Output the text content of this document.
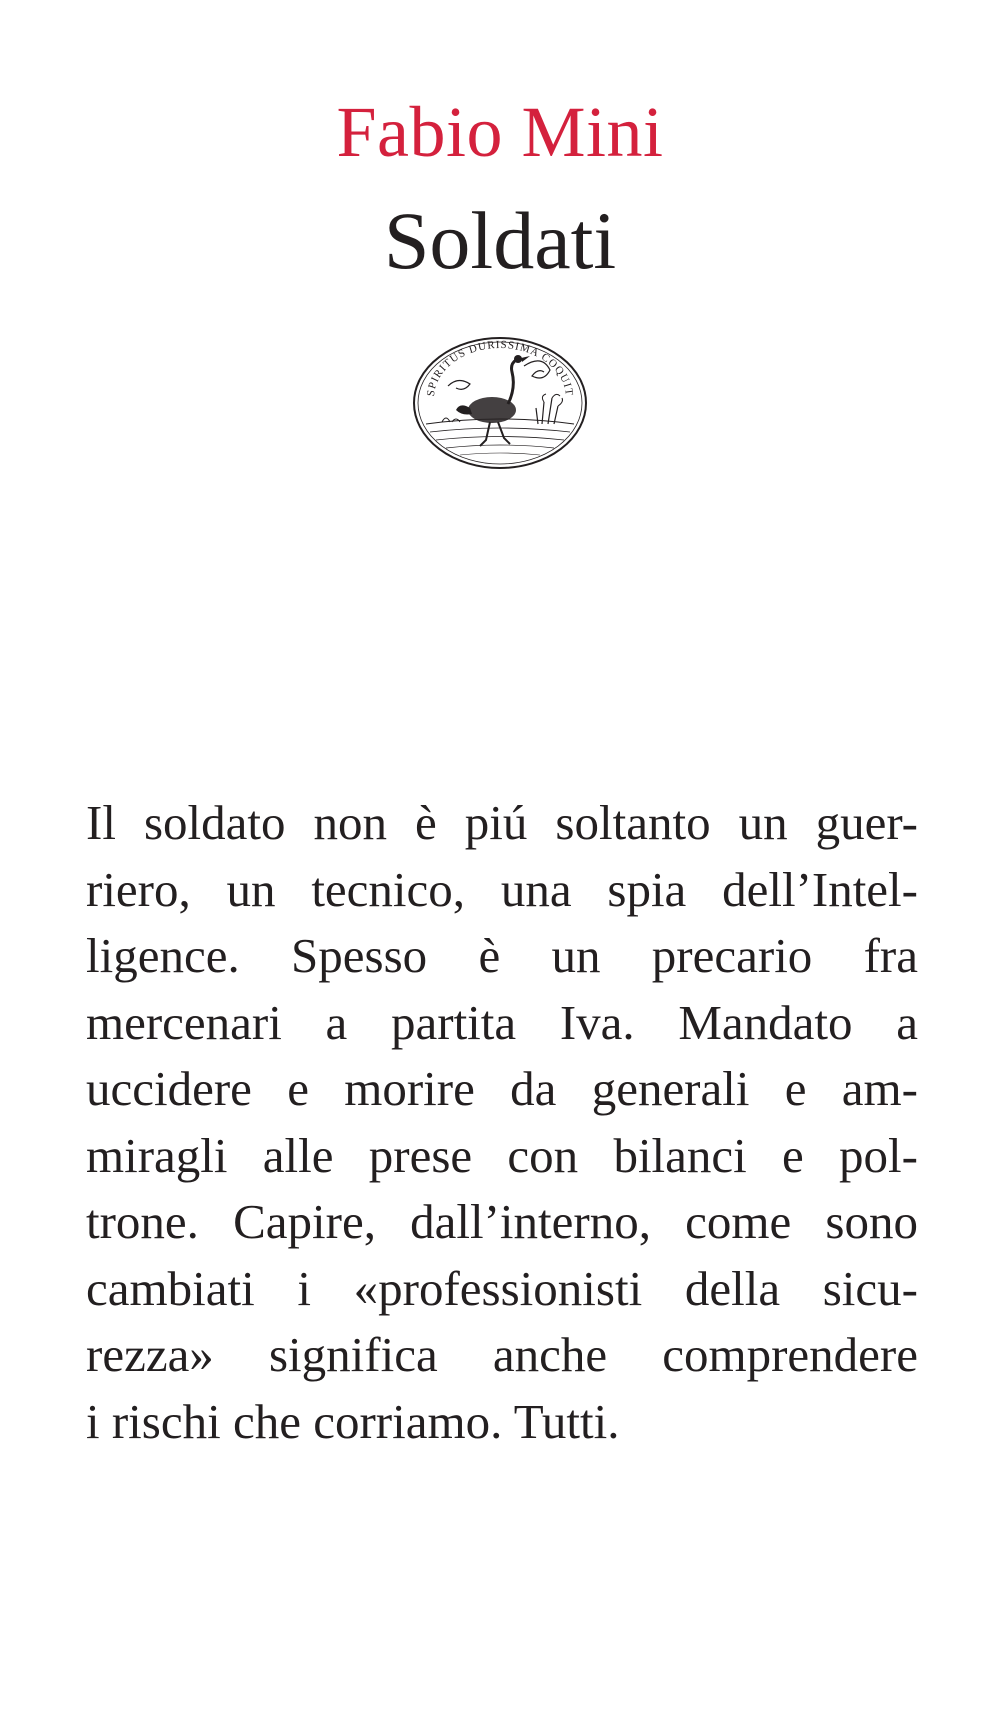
Fabio Mini
Soldati
SPIRITUS DURISSIMA COQUIT
Il soldato non è piú soltanto un guer-
riero, un tecnico, una spia dell’Intel-
ligence. Spesso è un precario fra
mercenari a partita Iva. Mandato a
uccidere e morire da generali e am-
miragli alle prese con bilanci e pol-
trone. Capire, dall’interno, come sono
cambiati i «professionisti della sicu-
rezza» significa anche comprendere
i rischi che corriamo. Tutti.
